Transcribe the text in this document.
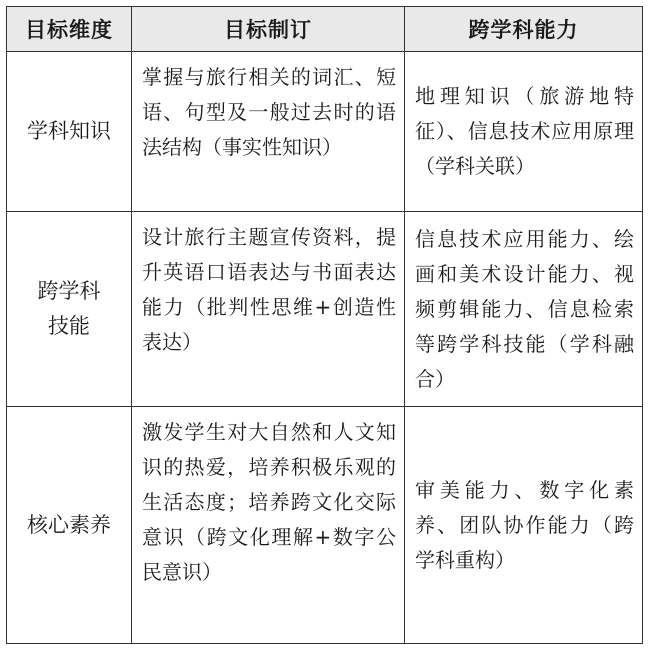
目标维度	目标制订	跨学科能力
学科知识	掌握与旅行相关的词汇、短语、句型及一般过去时的语法结构（事实性知识）	地理知识（旅游地特征）、信息技术应用原理（学科关联）
跨学科技能	设计旅行主题宣传资料，提升英语口语表达与书面表达能力（批判性思维+创造性表达）	信息技术应用能力、绘画和美术设计能力、视频剪辑能力、信息检索等跨学科技能（学科融合）
核心素养	激发学生对大自然和人文知识的热爱，培养积极乐观的生活态度；培养跨文化交际意识（跨文化理解+数字公民意识）	审美能力、数字化素养、团队协作能力（跨学科重构）
